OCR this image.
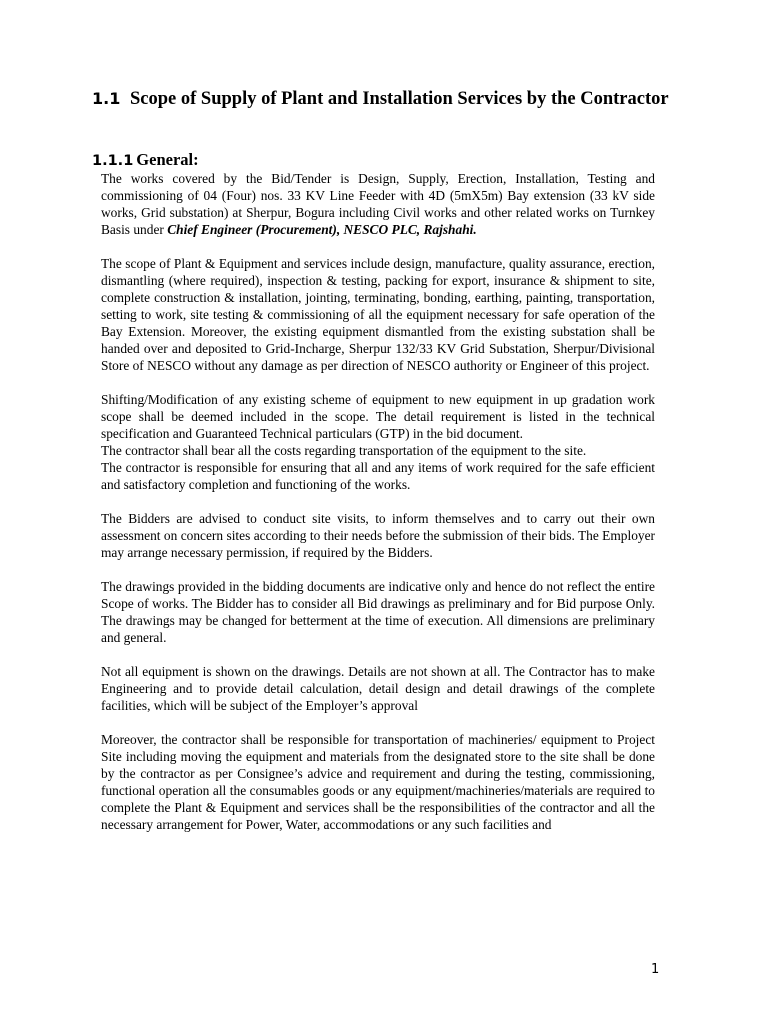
1.1 Scope of Supply of Plant and Installation Services by the Contractor
1.1.1 General:

The works covered by the Bid/Tender is Design, Supply, Erection, Installation, Testing and commissioning of 04 (Four) nos. 33 KV Line Feeder with 4D (5mX5m) Bay extension (33 kV side works, Grid substation) at Sherpur, Bogura including Civil works and other related works on Turnkey Basis under Chief Engineer (Procurement), NESCO PLC, Rajshahi.

The scope of Plant & Equipment and services include design, manufacture, quality assurance, erection, dismantling (where required), inspection & testing, packing for export, insurance & shipment to site, complete construction & installation, jointing, terminating, bonding, earthing, painting, transportation, setting to work, site testing & commissioning of all the equipment necessary for safe operation of the Bay Extension. Moreover, the existing equipment dismantled from the existing substation shall be handed over and deposited to Grid-Incharge, Sherpur 132/33 KV Grid Substation, Sherpur/Divisional Store of NESCO without any damage as per direction of NESCO authority or Engineer of this project.

Shifting/Modification of any existing scheme of equipment to new equipment in up gradation work scope shall be deemed included in the scope. The detail requirement is listed in the technical specification and Guaranteed Technical particulars (GTP) in the bid document.

The contractor shall bear all the costs regarding transportation of the equipment to the site.

The contractor is responsible for ensuring that all and any items of work required for the safe efficient and satisfactory completion and functioning of the works.

The Bidders are advised to conduct site visits, to inform themselves and to carry out their own assessment on concern sites according to their needs before the submission of their bids. The Employer may arrange necessary permission, if required by the Bidders.

The drawings provided in the bidding documents are indicative only and hence do not reflect the entire Scope of works. The Bidder has to consider all Bid drawings as preliminary and for Bid purpose Only. The drawings may be changed for betterment at the time of execution. All dimensions are preliminary and general.

Not all equipment is shown on the drawings. Details are not shown at all. The Contractor has to make Engineering and to provide detail calculation, detail design and detail drawings of the complete facilities, which will be subject of the Employer’s approval

Moreover, the contractor shall be responsible for transportation of machineries/ equipment to Project Site including moving the equipment and materials from the designated store to the site shall be done by the contractor as per Consignee’s advice and requirement and during the testing, commissioning, functional operation all the consumables goods or any equipment/machineries/materials are required to complete the Plant & Equipment and services shall be the responsibilities of the contractor and all the necessary arrangement for Power, Water, accommodations or any such facilities and

1
